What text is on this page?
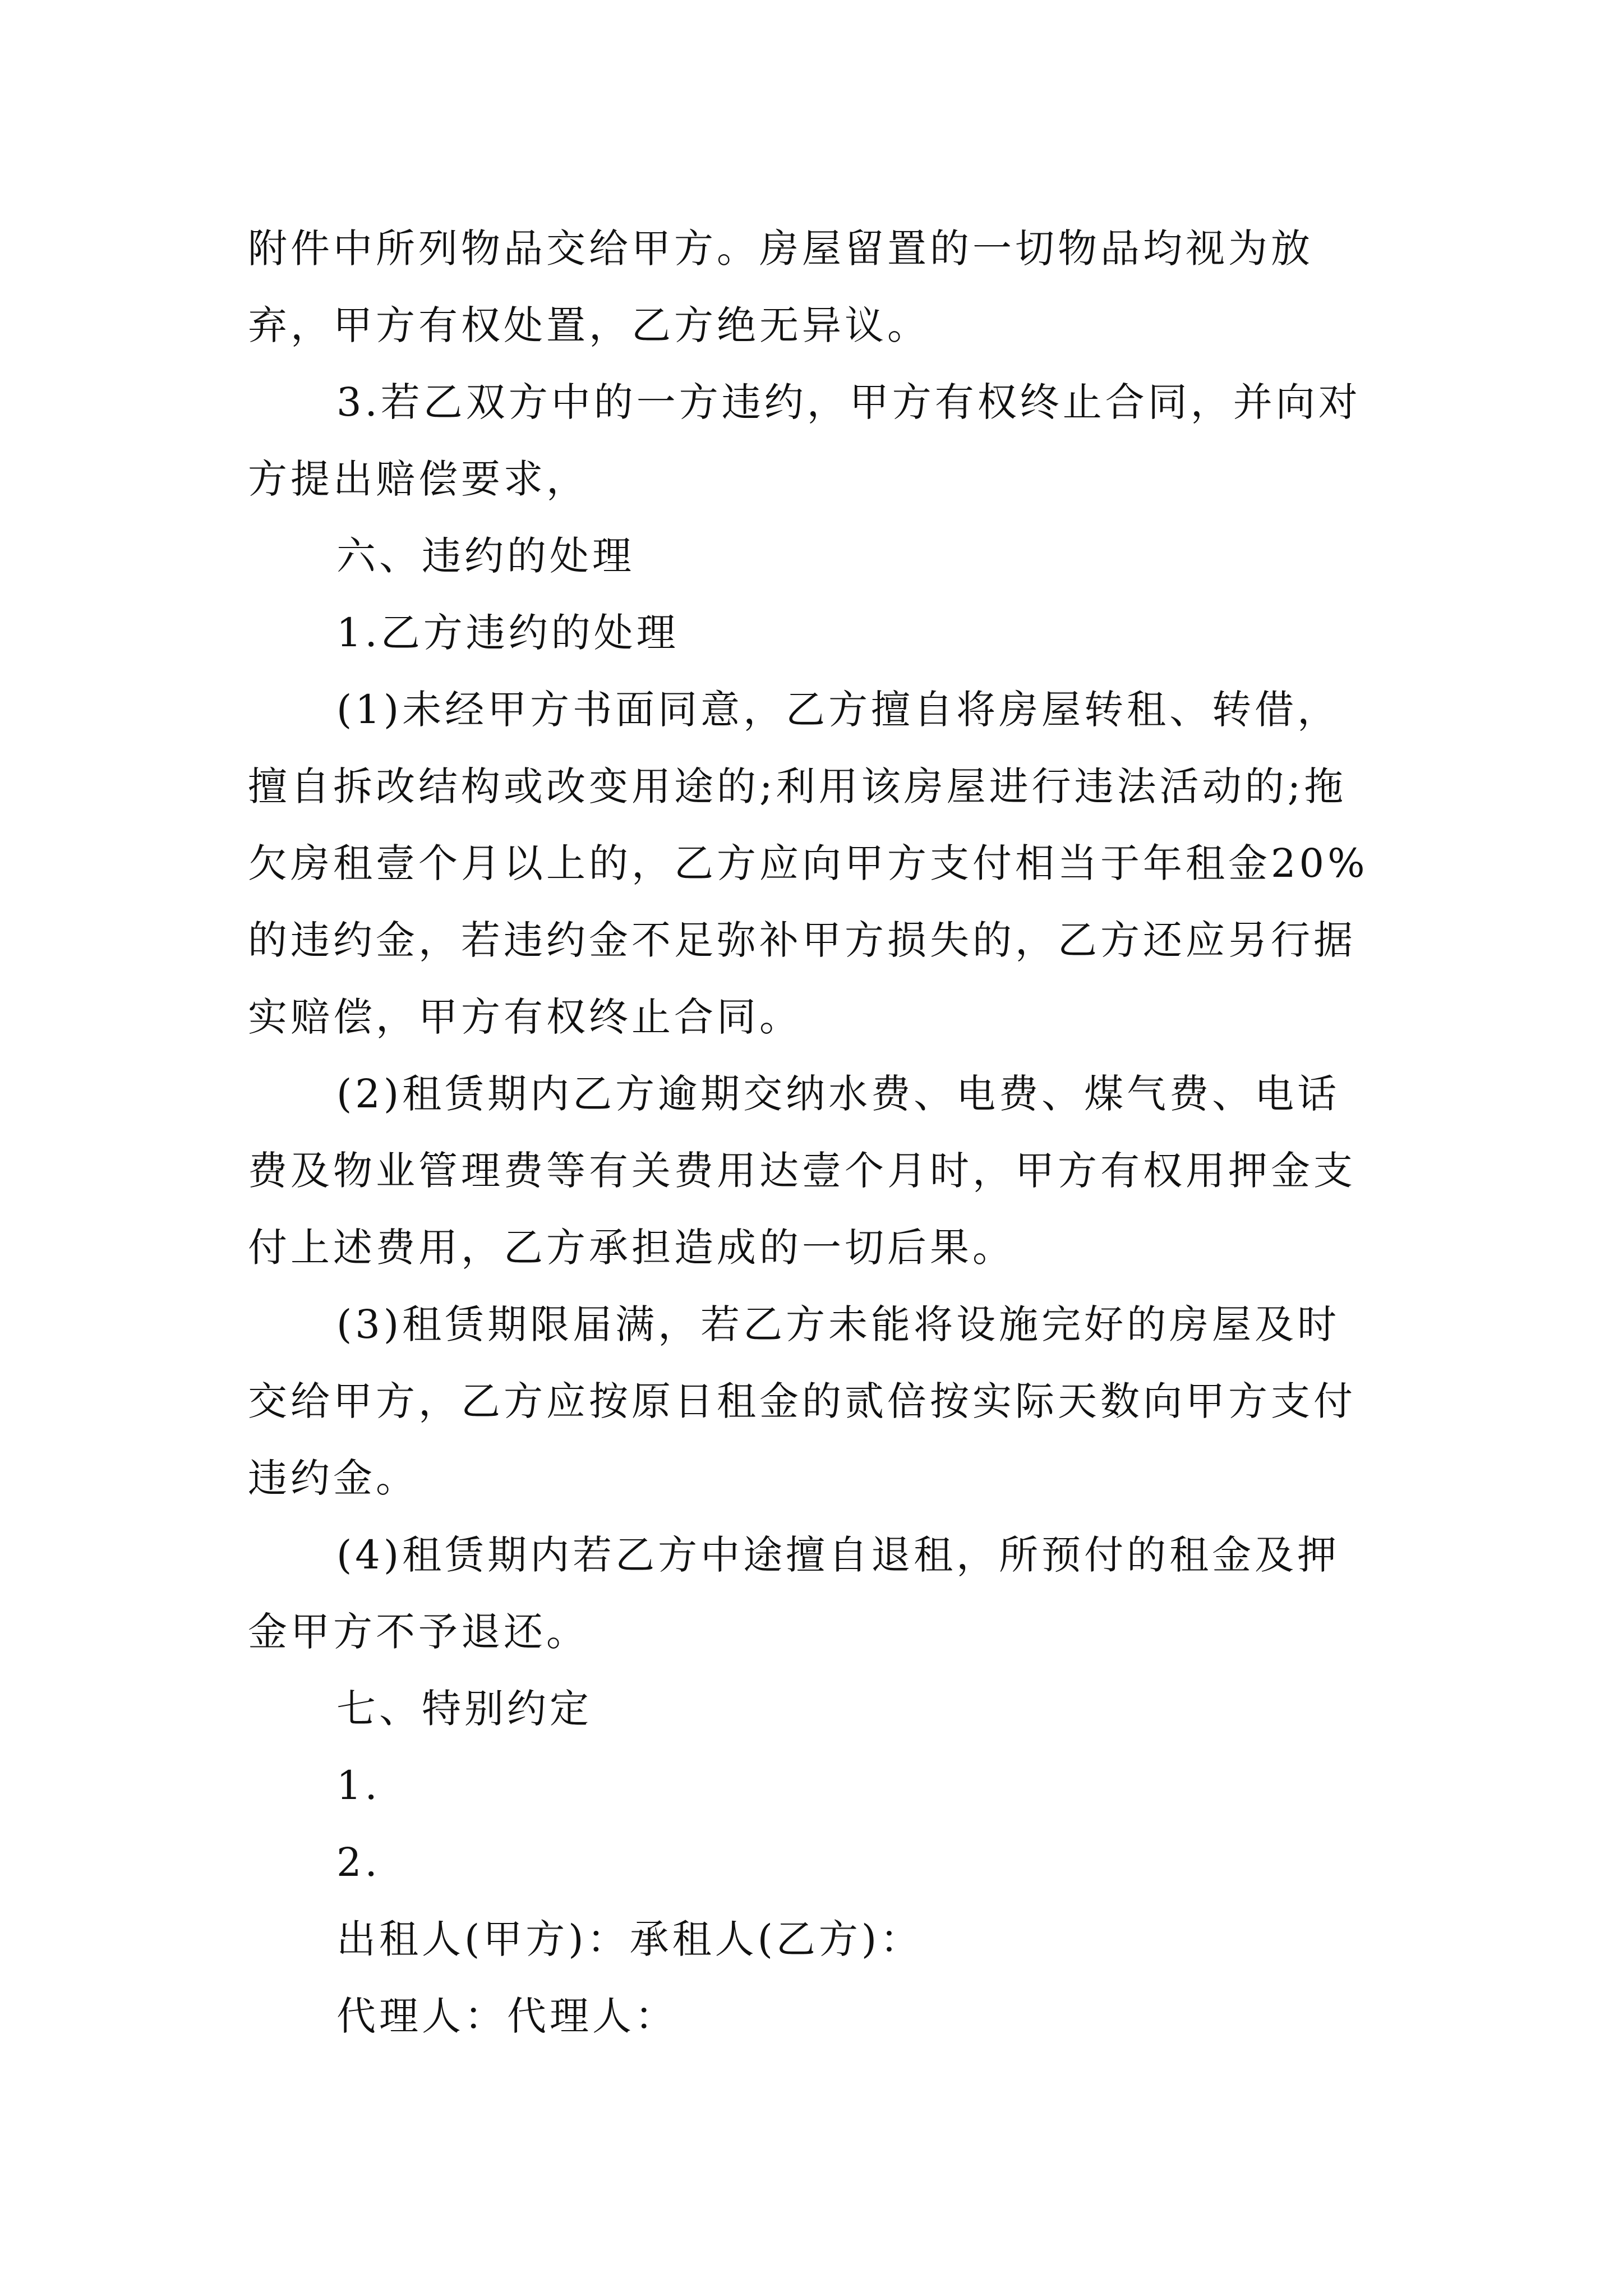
附件中所列物品交给甲方。房屋留置的一切物品均视为放弃，甲方有权处置，乙方绝无异议。

3.若乙双方中的一方违约，甲方有权终止合同，并向对方提出赔偿要求，

六、违约的处理

1.乙方违约的处理

(1)未经甲方书面同意，乙方擅自将房屋转租、转借，擅自拆改结构或改变用途的;利用该房屋进行违法活动的;拖欠房租壹个月以上的，乙方应向甲方支付相当于年租金20%的违约金，若违约金不足弥补甲方损失的，乙方还应另行据实赔偿，甲方有权终止合同。

(2)租赁期内乙方逾期交纳水费、电费、煤气费、电话费及物业管理费等有关费用达壹个月时，甲方有权用押金支付上述费用，乙方承担造成的一切后果。

(3)租赁期限届满，若乙方未能将设施完好的房屋及时交给甲方，乙方应按原日租金的贰倍按实际天数向甲方支付违约金。

(4)租赁期内若乙方中途擅自退租，所预付的租金及押金甲方不予退还。

七、特别约定

1.

2.

出租人(甲方)：承租人(乙方)：

代理人：代理人：
